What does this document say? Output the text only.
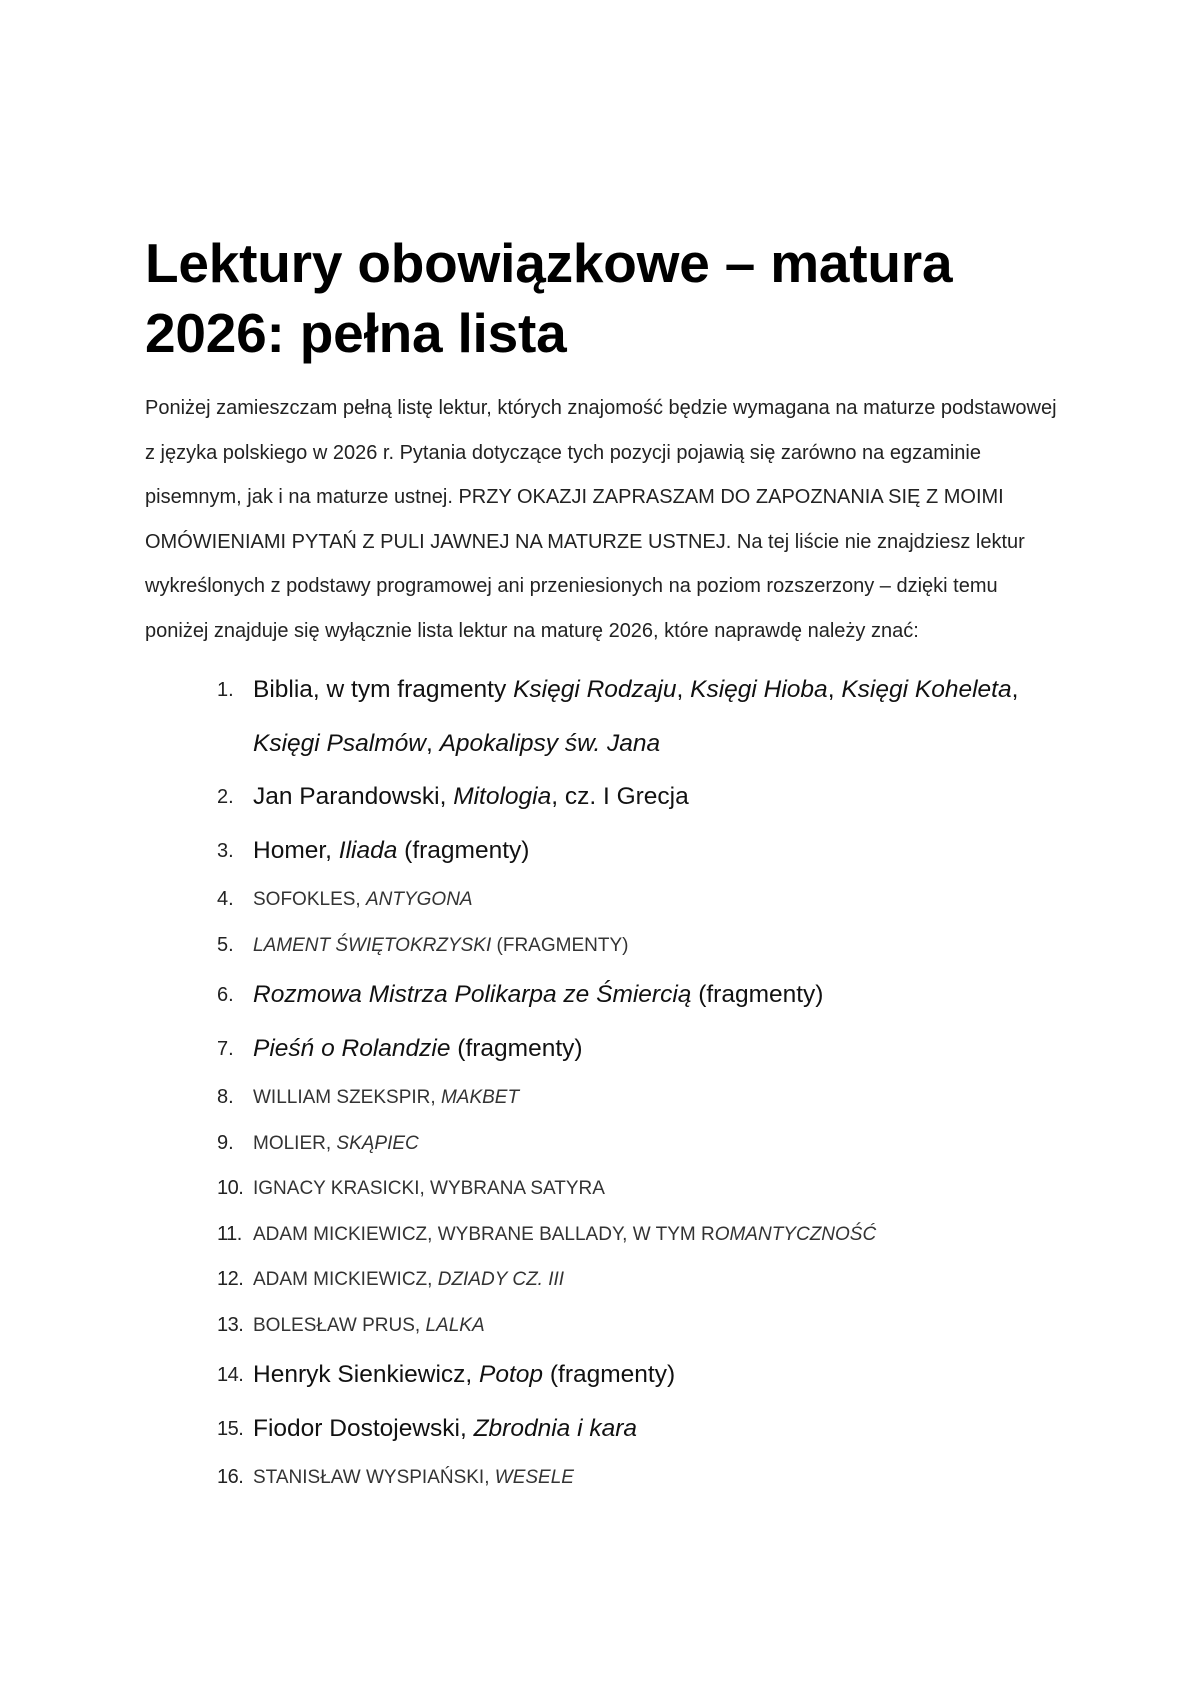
Lektury obowiązkowe – matura 2026: pełna lista

Poniżej zamieszczam pełną listę lektur, których znajomość będzie wymagana na maturze podstawowej z języka polskiego w 2026 r. Pytania dotyczące tych pozycji pojawią się zarówno na egzaminie pisemnym, jak i na maturze ustnej. PRZY OKAZJI ZAPRASZAM DO ZAPOZNANIA SIĘ Z MOIMI OMÓWIENIAMI PYTAŃ Z PULI JAWNEJ NA MATURZE USTNEJ. Na tej liście nie znajdziesz lektur wykreślonych z podstawy programowej ani przeniesionych na poziom rozszerzony – dzięki temu poniżej znajduje się wyłącznie lista lektur na maturę 2026, które naprawdę należy znać:

1. Biblia, w tym fragmenty Księgi Rodzaju, Księgi Hioba, Księgi Koheleta, Księgi Psalmów, Apokalipsy św. Jana
2. Jan Parandowski, Mitologia, cz. I Grecja
3. Homer, Iliada (fragmenty)
4. SOFOKLES, ANTYGONA
5. LAMENT ŚWIĘTOKRZYSKI (FRAGMENTY)
6. Rozmowa Mistrza Polikarpa ze Śmiercią (fragmenty)
7. Pieśń o Rolandzie (fragmenty)
8. WILLIAM SZEKSPIR, MAKBET
9. MOLIER, SKĄPIEC
10. IGNACY KRASICKI, WYBRANA SATYRA
11. ADAM MICKIEWICZ, WYBRANE BALLADY, W TYM ROMANTYCZNOŚĆ
12. ADAM MICKIEWICZ, DZIADY CZ. III
13. BOLESŁAW PRUS, LALKA
14. Henryk Sienkiewicz, Potop (fragmenty)
15. Fiodor Dostojewski, Zbrodnia i kara
16. STANISŁAW WYSPIAŃSKI, WESELE
